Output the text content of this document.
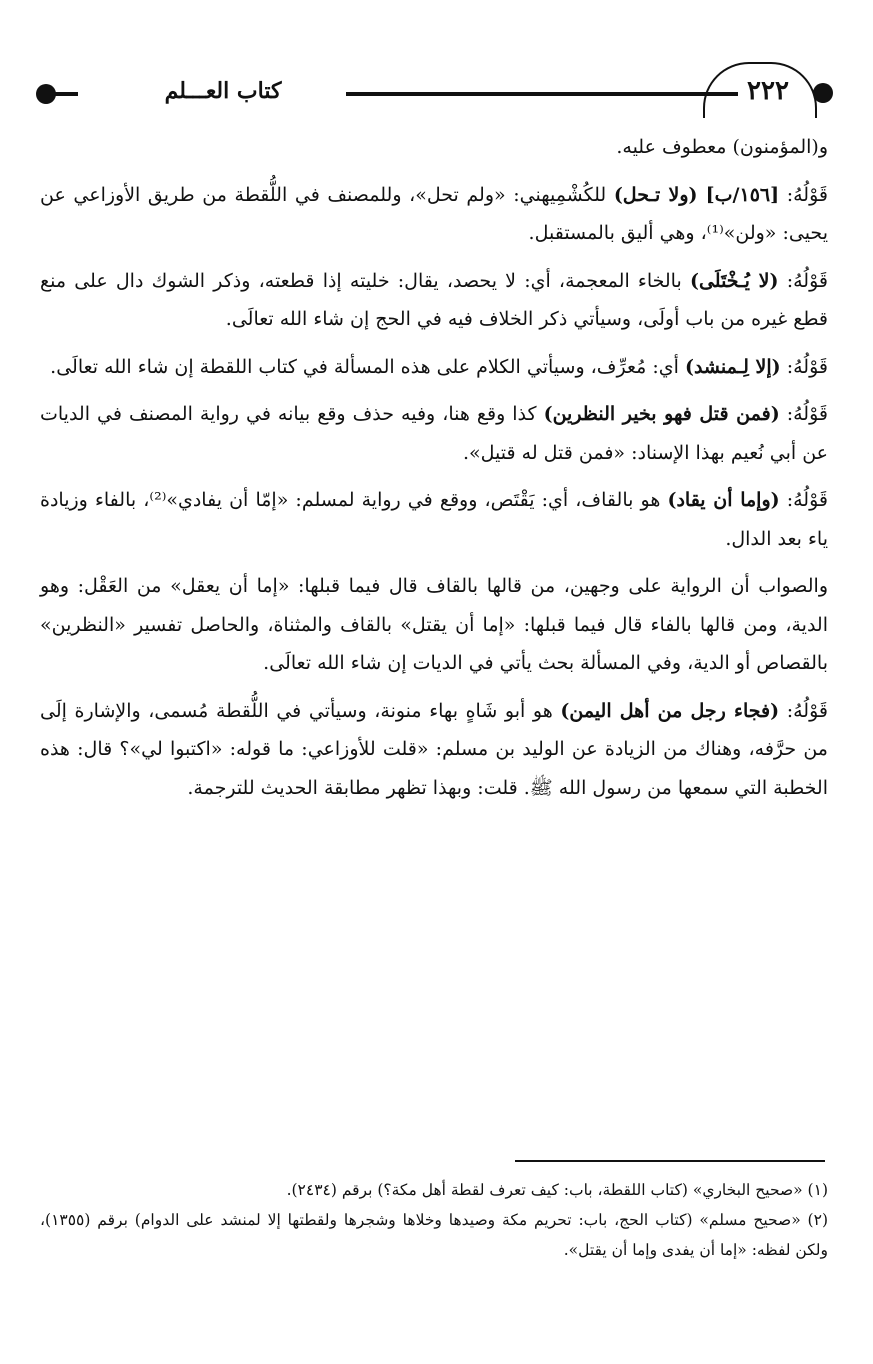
كتاب العـــلم	٢٢٢

و(المؤمنون) معطوف عليه.

قَوْلُهُ: [١٥٦/ب] (ولا تـحل) للكُشْمِيهني: «ولم تحل»، وللمصنف في اللُّقطة من طريق الأوزاعي عن يحيى: «ولن»⁽¹⁾، وهي أليق بالمستقبل.

قَوْلُهُ: (لا يُـخْتَلَى) بالخاء المعجمة، أي: لا يحصد، يقال: خليته إذا قطعته، وذكر الشوك دال على منع قطع غيره من باب أولَى، وسيأتي ذكر الخلاف فيه في الحج إن شاء الله تعالَى.

قَوْلُهُ: (إلا لِـمنشد) أي: مُعرِّف، وسيأتي الكلام على هذه المسألة في كتاب اللقطة إن شاء الله تعالَى.

قَوْلُهُ: (فمن قتل فهو بخير النظرين) كذا وقع هنا، وفيه حذف وقع بيانه في رواية المصنف في الديات عن أبي نُعيم بهذا الإسناد: «فمن قتل له قتيل».

قَوْلُهُ: (وإما أن يقاد) هو بالقاف، أي: يَقْتَص، ووقع في رواية لمسلم: «إمّا أن يفادي»⁽²⁾، بالفاء وزيادة ياء بعد الدال.

والصواب أن الرواية على وجهين، من قالها بالقاف قال فيما قبلها: «إما أن يعقل» من العَقْل: وهو الدية، ومن قالها بالفاء قال فيما قبلها: «إما أن يقتل» بالقاف والمثناة، والحاصل تفسير «النظرين» بالقصاص أو الدية، وفي المسألة بحث يأتي في الديات إن شاء الله تعالَى.

قَوْلُهُ: (فجاء رجل من أهل اليمن) هو أبو شَاهٍ بهاء منونة، وسيأتي في اللُّقطة مُسمى، والإشارة إلَى من حرَّفه، وهناك من الزيادة عن الوليد بن مسلم: «قلت للأوزاعي: ما قوله: «اكتبوا لي»؟ قال: هذه الخطبة التي سمعها من رسول الله ﷺ. قلت: وبهذا تظهر مطابقة الحديث للترجمة.

(١) «صحيح البخاري» (كتاب اللقطة، باب: كيف تعرف لقطة أهل مكة؟) برقم (٢٤٣٤).

(٢) «صحيح مسلم» (كتاب الحج، باب: تحريم مكة وصيدها وخلاها وشجرها ولقطتها إلا لمنشد على الدوام) برقم (١٣٥٥)، ولكن لفظه: «إما أن يفدى وإما أن يقتل».
